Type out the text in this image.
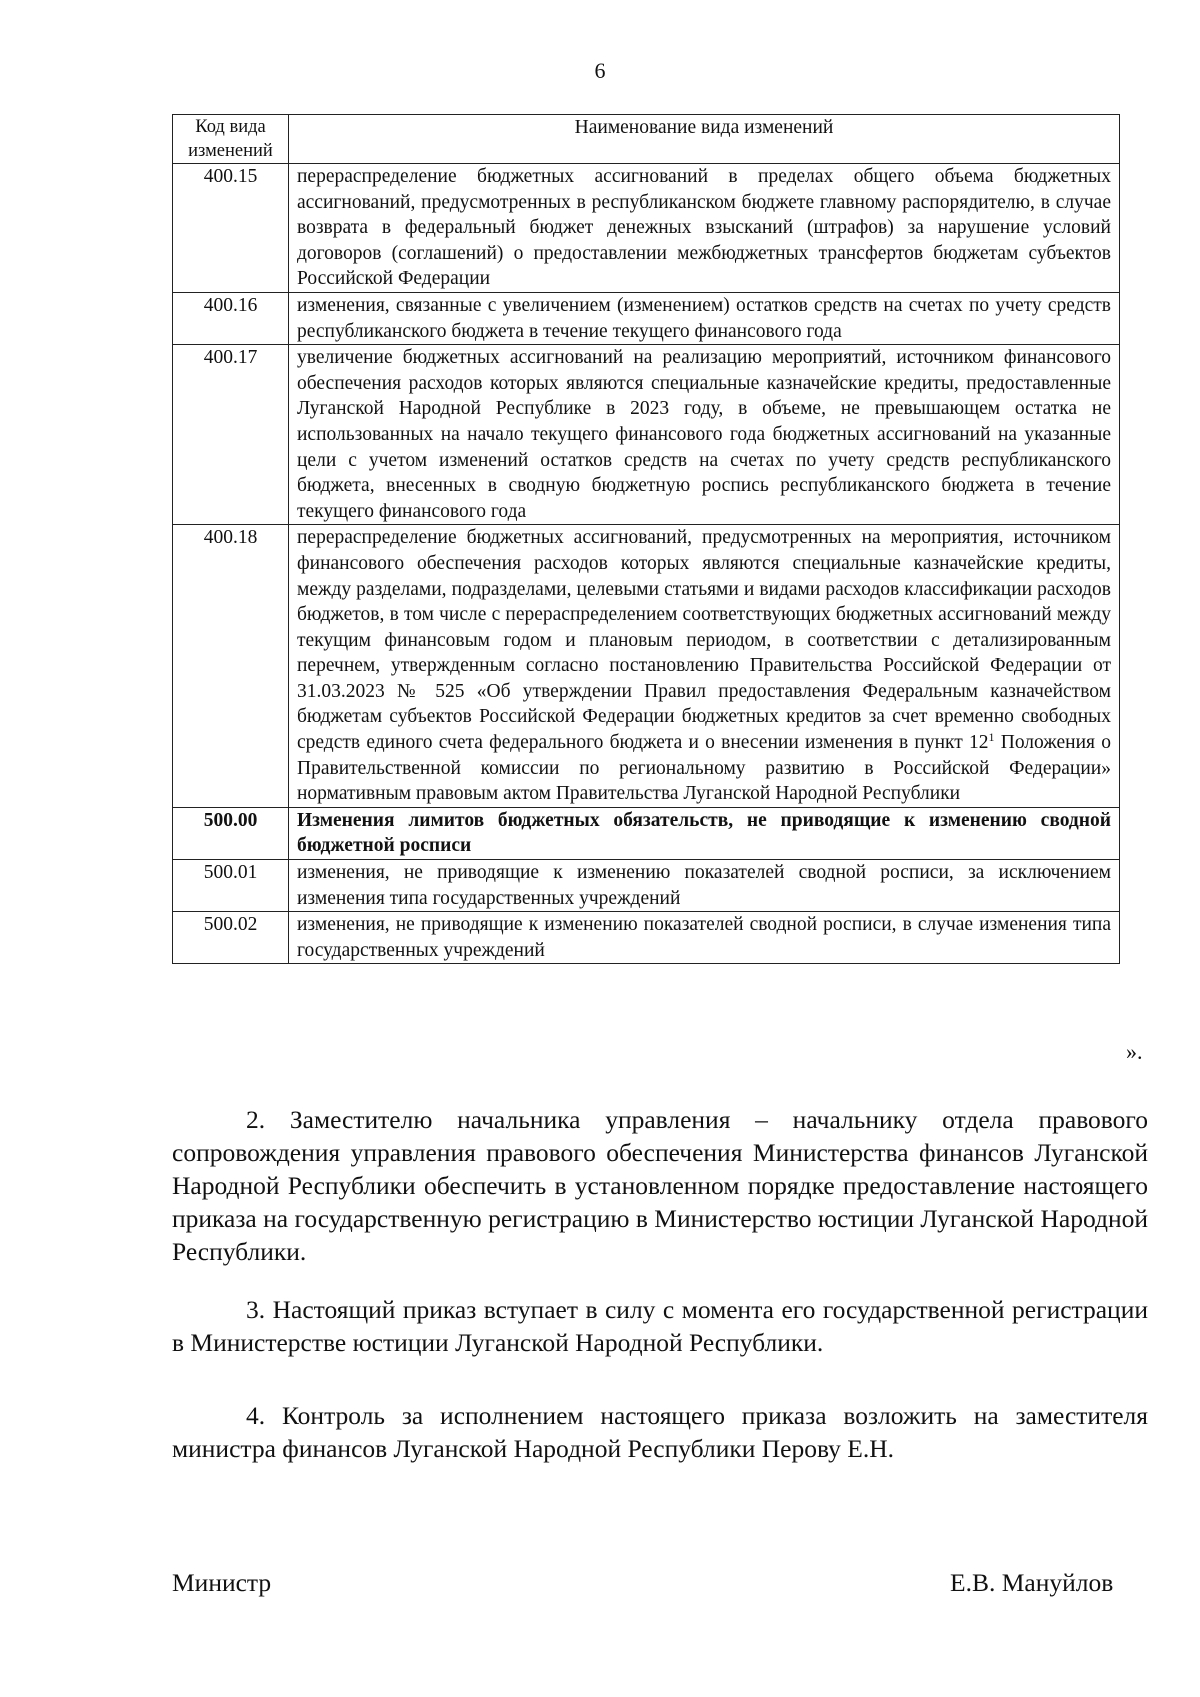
6
Код вида изменений	Наименование вида изменений
400.15	перераспределение бюджетных ассигнований в пределах общего объема бюджетных ассигнований, предусмотренных в республиканском бюджете главному распорядителю, в случае возврата в федеральный бюджет денежных взысканий (штрафов) за нарушение условий договоров (соглашений) о предоставлении межбюджетных трансфертов бюджетам субъектов Российской Федерации
400.16	изменения, связанные с увеличением (изменением) остатков средств на счетах по учету средств республиканского бюджета в течение текущего финансового года
400.17	увеличение бюджетных ассигнований на реализацию мероприятий, источником финансового обеспечения расходов которых являются специальные казначейские кредиты, предоставленные Луганской Народной Республике в 2023 году, в объеме, не превышающем остатка не использованных на начало текущего финансового года бюджетных ассигнований на указанные цели с учетом изменений остатков средств на счетах по учету средств республиканского бюджета, внесенных в сводную бюджетную роспись республиканского бюджета в течение текущего финансового года
400.18	перераспределение бюджетных ассигнований, предусмотренных на мероприятия, источником финансового обеспечения расходов которых являются специальные казначейские кредиты, между разделами, подразделами, целевыми статьями и видами расходов классификации расходов бюджетов, в том числе с перераспределением соответствующих бюджетных ассигнований между текущим финансовым годом и плановым периодом, в соответствии с детализированным перечнем, утвержденным согласно постановлению Правительства Российской Федерации от 31.03.2023 № 525 «Об утверждении Правил предоставления Федеральным казначейством бюджетам субъектов Российской Федерации бюджетных кредитов за счет временно свободных средств единого счета федерального бюджета и о внесении изменения в пункт $12^1$ Положения о Правительственной комиссии по региональному развитию в Российской Федерации» нормативным правовым актом Правительства Луганской Народной Республики
500.00	Изменения лимитов бюджетных обязательств, не приводящие к изменению сводной бюджетной росписи
500.01	изменения, не приводящие к изменению показателей сводной росписи, за исключением изменения типа государственных учреждений
500.02	изменения, не приводящие к изменению показателей сводной росписи, в случае изменения типа государственных учреждений
».
2. Заместителю начальника управления – начальнику отдела правового сопровождения управления правового обеспечения Министерства финансов Луганской Народной Республики обеспечить в установленном порядке предоставление настоящего приказа на государственную регистрацию в Министерство юстиции Луганской Народной Республики.
3. Настоящий приказ вступает в силу с момента его государственной регистрации в Министерстве юстиции Луганской Народной Республики.
4. Контроль за исполнением настоящего приказа возложить на заместителя министра финансов Луганской Народной Республики Перову Е.Н.
Министр	Е.В. Мануйлов
